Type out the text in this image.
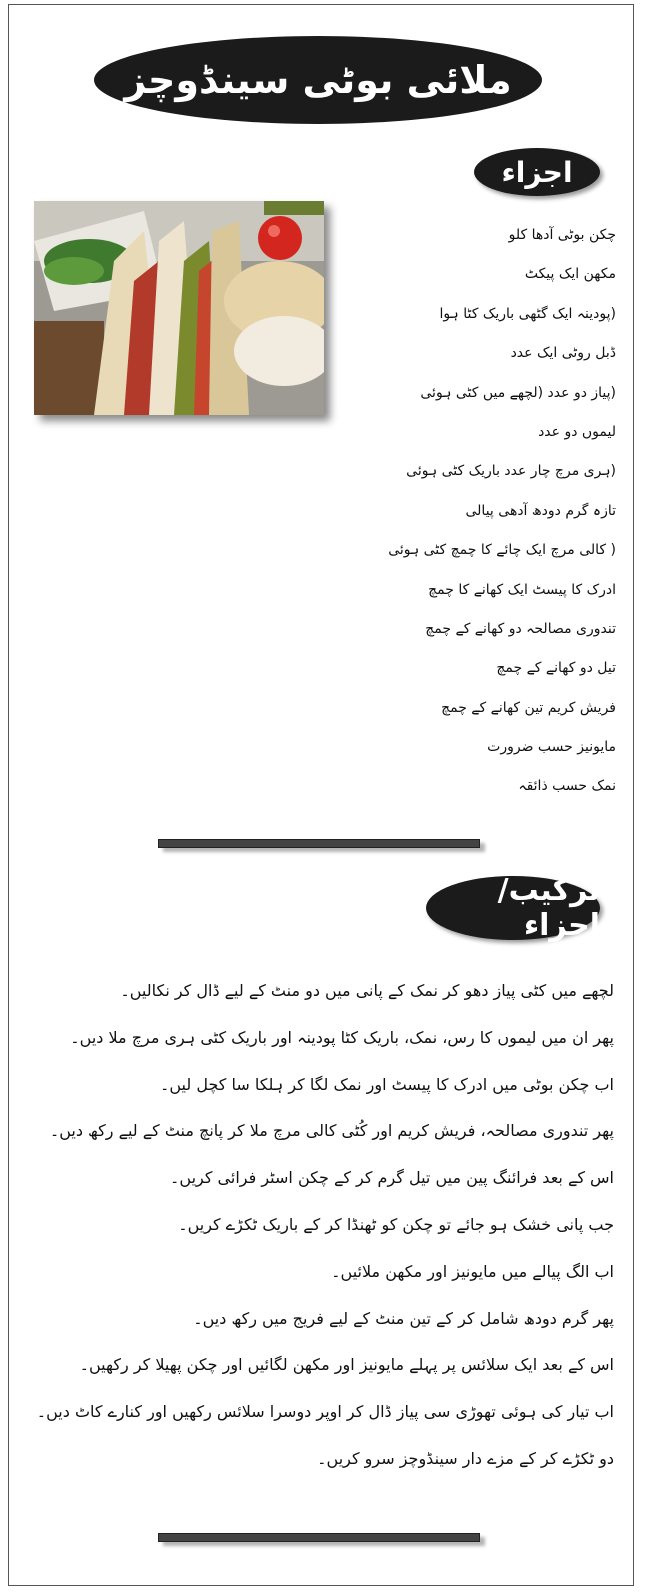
ملائی بوٹی سینڈوچز
اجزاء
چکن بوٹی آدھا کلو
مکھن ایک پیکٹ
(پودینہ ایک گٹھی باریک کٹا ہوا
ڈبل روٹی ایک عدد
(پیاز دو عدد (لچھے میں کٹی ہوئی
لیموں دو عدد
(ہری مرچ چار عدد باریک کٹی ہوئی
تازہ گرم دودھ آدھی پیالی
( کالی مرچ ایک چائے کا چمچ کٹی ہوئی
ادرک کا پیسٹ ایک کھانے کا چمچ
تندوری مصالحہ دو کھانے کے چمچ
تیل دو کھانے کے چمچ
فریش کریم تین کھانے کے چمچ
مایونیز حسب ضرورت
نمک حسب ذائقہ
ترکیب/اجزاء
لچھے میں کٹی پیاز دھو کر نمک کے پانی میں دو منٹ کے لیے ڈال کر نکالیں۔
پھر ان میں لیموں کا رس، نمک، باریک کٹا پودینہ اور باریک کٹی ہری مرچ ملا دیں۔
اب چکن بوٹی میں ادرک کا پیسٹ اور نمک لگا کر ہلکا سا کچل لیں۔
پھر تندوری مصالحہ، فریش کریم اور کُٹی کالی مرچ ملا کر پانچ منٹ کے لیے رکھ دیں۔
اس کے بعد فرائنگ پین میں تیل گرم کر کے چکن اسٹر فرائی کریں۔
جب پانی خشک ہو جائے تو چکن کو ٹھنڈا کر کے باریک ٹکڑے کریں۔
اب الگ پیالے میں مایونیز اور مکھن ملائیں۔
پھر گرم دودھ شامل کر کے تین منٹ کے لیے فریج میں رکھ دیں۔
اس کے بعد ایک سلائس پر پہلے مایونیز اور مکھن لگائیں اور چکن پھیلا کر رکھیں۔
اب تیار کی ہوئی تھوڑی سی پیاز ڈال کر اوپر دوسرا سلائس رکھیں اور کنارے کاٹ دیں۔
دو ٹکڑے کر کے مزے دار سینڈوچز سرو کریں۔
